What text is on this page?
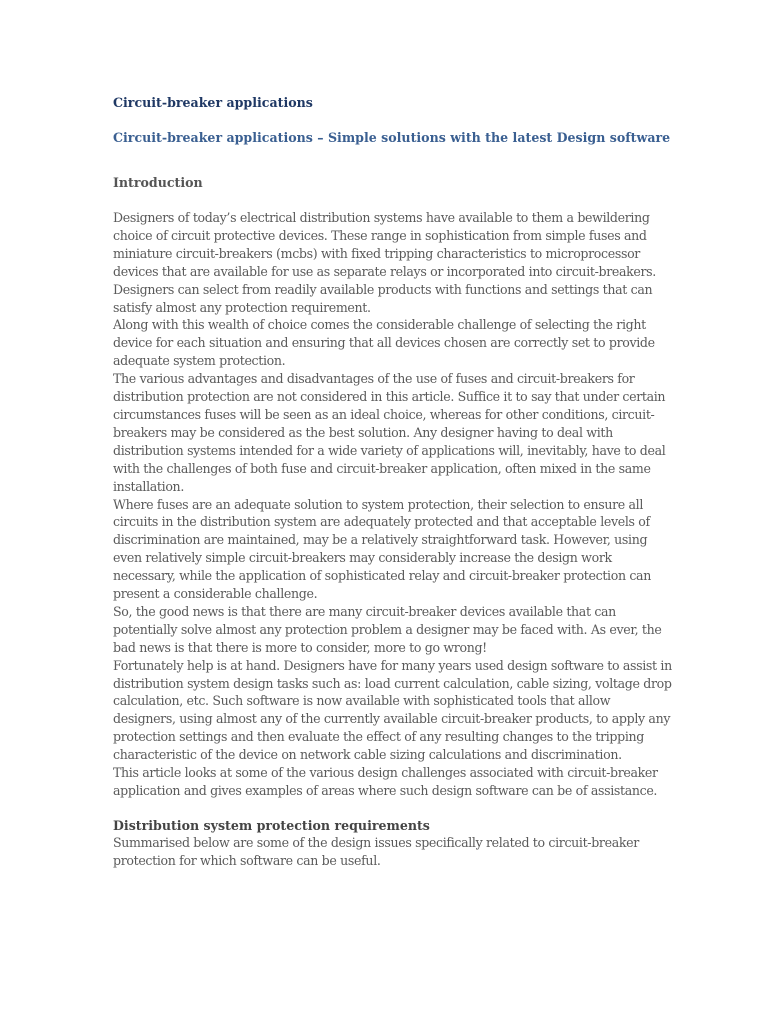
Circuit-breaker applications

Circuit-breaker applications – Simple solutions with the latest Design software

Introduction

Designers of today’s electrical distribution systems have available to them a bewildering choice of circuit protective devices. These range in sophistication from simple fuses and miniature circuit-breakers (mcbs) with fixed tripping characteristics to microprocessor devices that are available for use as separate relays or incorporated into circuit-breakers. Designers can select from readily available products with functions and settings that can satisfy almost any protection requirement.

Along with this wealth of choice comes the considerable challenge of selecting the right device for each situation and ensuring that all devices chosen are correctly set to provide adequate system protection.

The various advantages and disadvantages of the use of fuses and circuit-breakers for distribution protection are not considered in this article. Suffice it to say that under certain circumstances fuses will be seen as an ideal choice, whereas for other conditions, circuit-breakers may be considered as the best solution. Any designer having to deal with distribution systems intended for a wide variety of applications will, inevitably, have to deal with the challenges of both fuse and circuit-breaker application, often mixed in the same installation.

Where fuses are an adequate solution to system protection, their selection to ensure all circuits in the distribution system are adequately protected and that acceptable levels of discrimination are maintained, may be a relatively straightforward task. However, using even relatively simple circuit-breakers may considerably increase the design work necessary, while the application of sophisticated relay and circuit-breaker protection can present a considerable challenge.

So, the good news is that there are many circuit-breaker devices available that can potentially solve almost any protection problem a designer may be faced with. As ever, the bad news is that there is more to consider, more to go wrong!

Fortunately help is at hand. Designers have for many years used design software to assist in distribution system design tasks such as: load current calculation, cable sizing, voltage drop calculation, etc. Such software is now available with sophisticated tools that allow designers, using almost any of the currently available circuit-breaker products, to apply any protection settings and then evaluate the effect of any resulting changes to the tripping characteristic of the device on network cable sizing calculations and discrimination.

This article looks at some of the various design challenges associated with circuit-breaker application and gives examples of areas where such design software can be of assistance.

Distribution system protection requirements

Summarised below are some of the design issues specifically related to circuit-breaker protection for which software can be useful.
